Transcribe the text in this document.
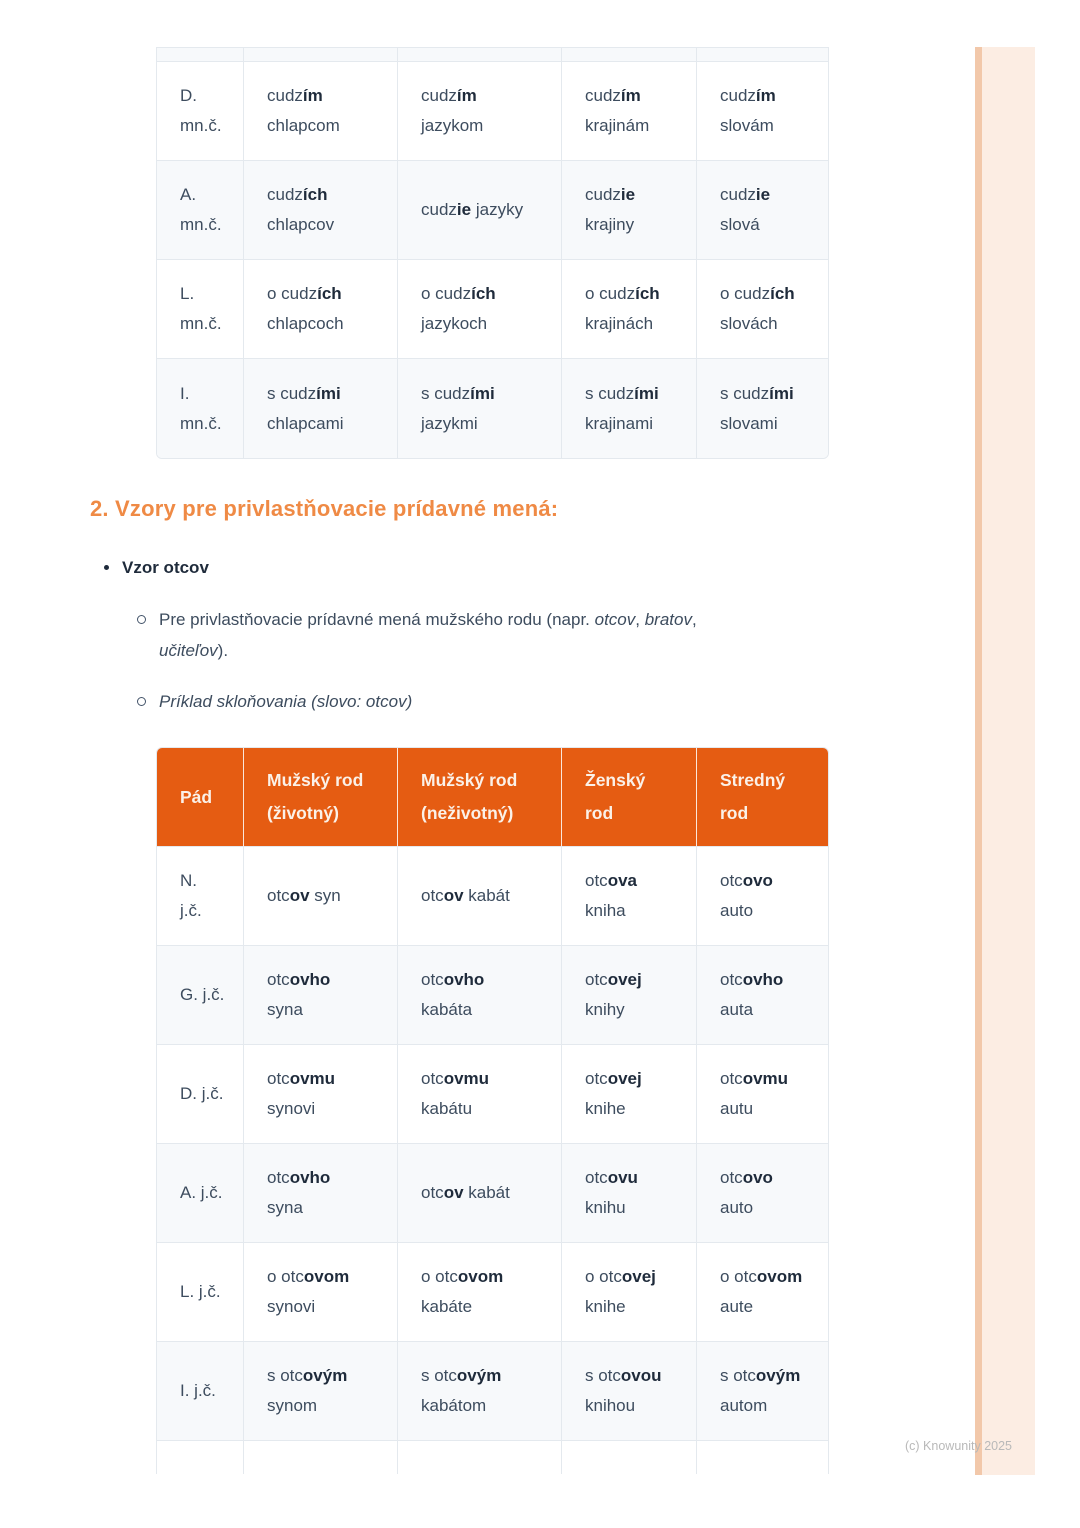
D.
mn.č.
cudzím
chlapcom
cudzím
jazykom
cudzím
krajinám
cudzím
slovám
A.
mn.č.
cudzích
chlapcov
cudzie jazyky
cudzie
krajiny
cudzie
slová
L.
mn.č.
o cudzích
chlapcoch
o cudzích
jazykoch
o cudzích
krajinách
o cudzích
slovách
I.
mn.č.
s cudzími
chlapcami
s cudzími
jazykmi
s cudzími
krajinami
s cudzími
slovami
2. Vzory pre privlastňovacie prídavné mená:
Vzor otcov
Pre privlastňovacie prídavné mená mužského rodu (napr. otcov, bratov,
učiteľov).
Príklad skloňovania (slovo: otcov)
Pád
Mužský rod
(životný)
Mužský rod
(neživotný)
Ženský
rod
Stredný
rod
N.
j.č.
otcov syn	otcov kabát
otcova
kniha
otcovo
auto
G. j.č.
otcovho
syna
otcovho
kabáta
otcovej
knihy
otcovho
auta
D. j.č.
otcovmu
synovi
otcovmu
kabátu
otcovej
knihe
otcovmu
autu
A. j.č.
otcovho
syna
otcov kabát
otcovu
knihu
otcovo
auto
L. j.č.
o otcovom
synovi
o otcovom
kabáte
o otcovej
knihe
o otcovom
aute
I. j.č.
s otcovým
synom
s otcovým
kabátom
s otcovou
knihou
s otcovým
autom
(c) Knowunity 2025
